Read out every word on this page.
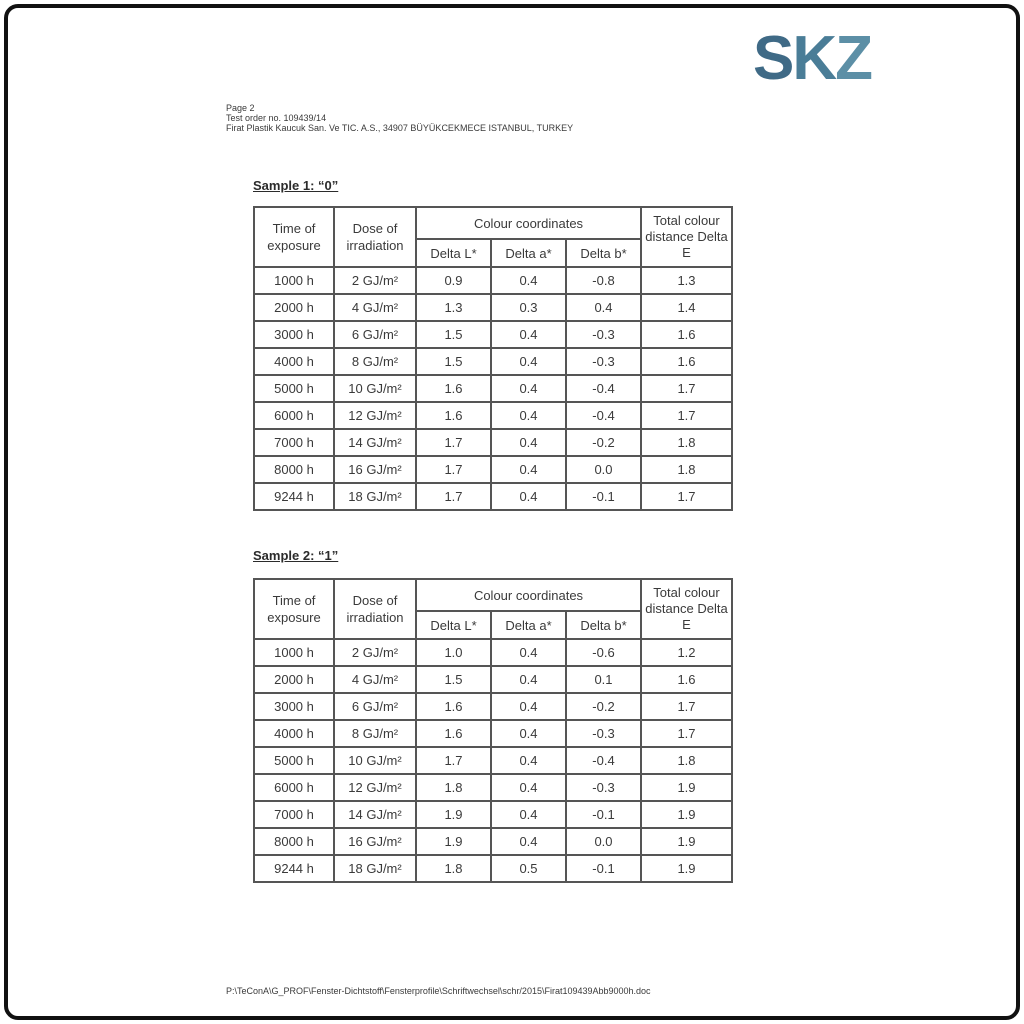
SKZ
Page 2
Test order no. 109439/14
Firat Plastik Kaucuk San. Ve TIC. A.S., 34907 BÜYÜKCEKMECE ISTANBUL, TURKEY
Sample 1: “0”
Time of exposure	Dose of irradiation	Colour coordinates			Total colour distance Delta E
		Delta L*	Delta a*	Delta b*	
1000 h	2 GJ/m²	0.9	0.4	-0.8	1.3
2000 h	4 GJ/m²	1.3	0.3	0.4	1.4
3000 h	6 GJ/m²	1.5	0.4	-0.3	1.6
4000 h	8 GJ/m²	1.5	0.4	-0.3	1.6
5000 h	10 GJ/m²	1.6	0.4	-0.4	1.7
6000 h	12 GJ/m²	1.6	0.4	-0.4	1.7
7000 h	14 GJ/m²	1.7	0.4	-0.2	1.8
8000 h	16 GJ/m²	1.7	0.4	0.0	1.8
9244 h	18 GJ/m²	1.7	0.4	-0.1	1.7
Sample 2: “1”
Time of exposure	Dose of irradiation	Colour coordinates			Total colour distance Delta E
		Delta L*	Delta a*	Delta b*	
1000 h	2 GJ/m²	1.0	0.4	-0.6	1.2
2000 h	4 GJ/m²	1.5	0.4	0.1	1.6
3000 h	6 GJ/m²	1.6	0.4	-0.2	1.7
4000 h	8 GJ/m²	1.6	0.4	-0.3	1.7
5000 h	10 GJ/m²	1.7	0.4	-0.4	1.8
6000 h	12 GJ/m²	1.8	0.4	-0.3	1.9
7000 h	14 GJ/m²	1.9	0.4	-0.1	1.9
8000 h	16 GJ/m²	1.9	0.4	0.0	1.9
9244 h	18 GJ/m²	1.8	0.5	-0.1	1.9
P:\TeConA\G_PROF\Fenster-Dichtstoff\Fensterprofile\Schriftwechsel\schr/2015\Firat109439Abb9000h.doc
